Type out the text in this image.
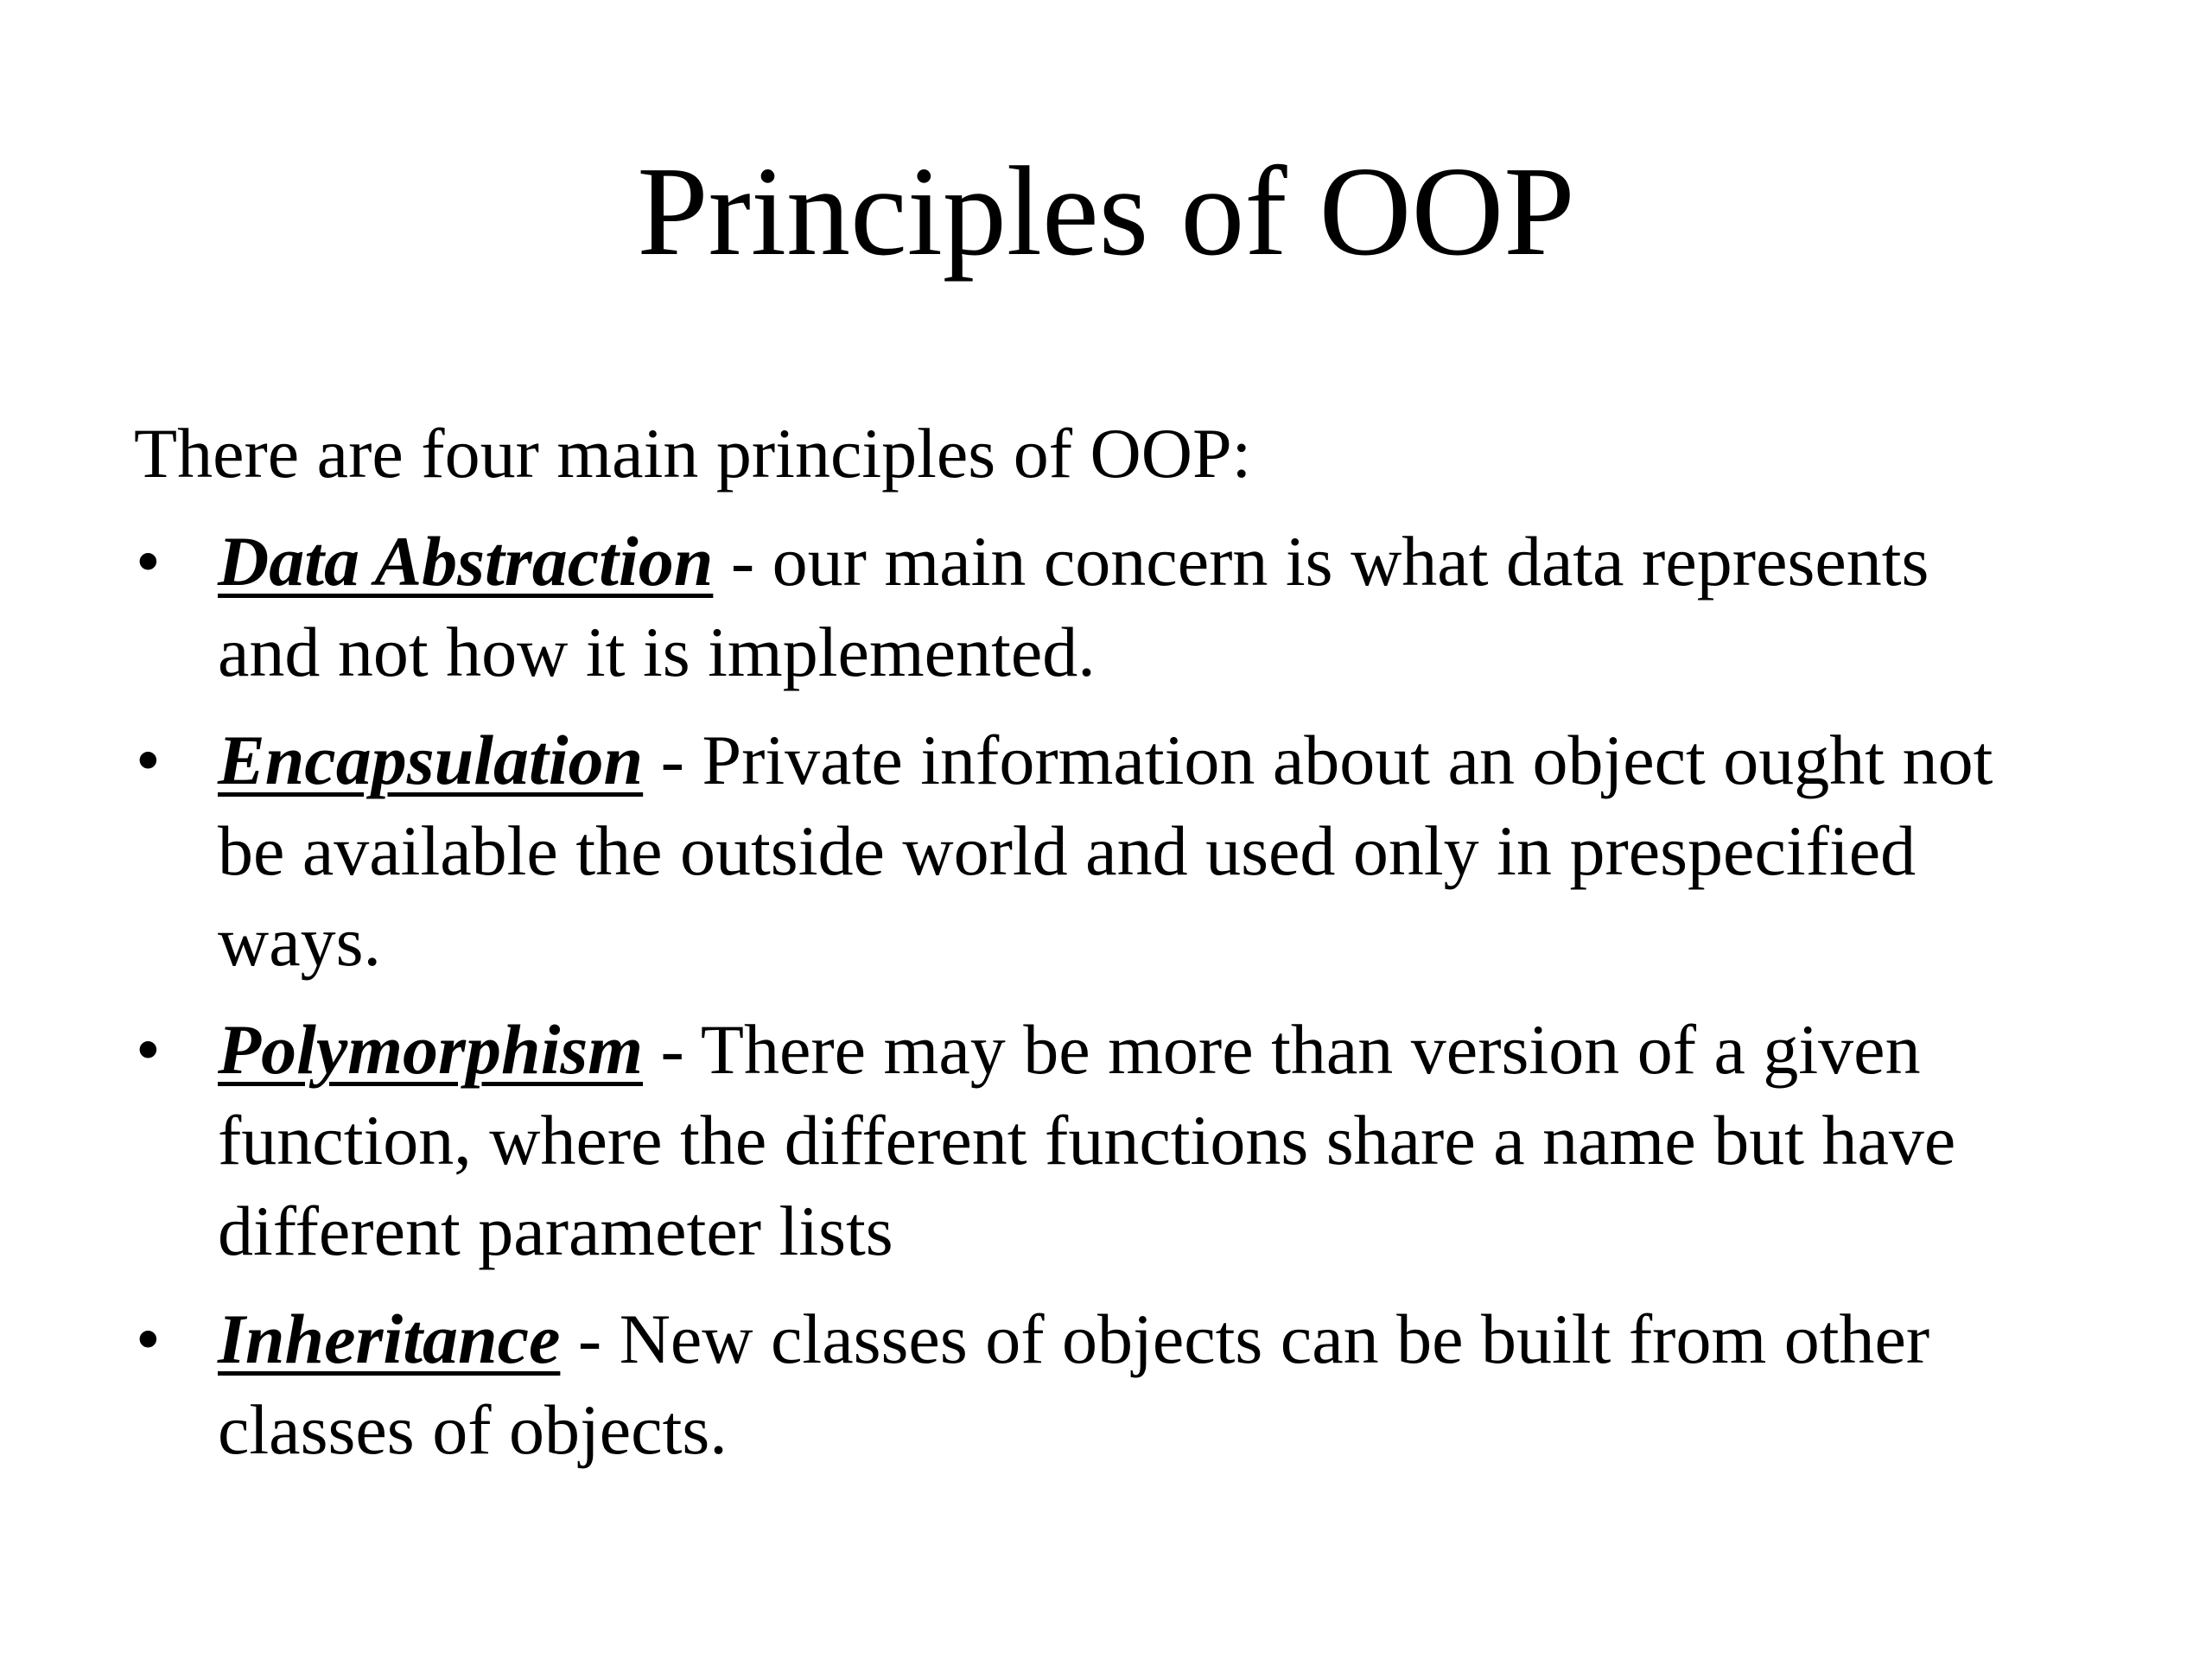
Principles of OOP

There are four main principles of OOP:

• Data Abstraction - our main concern is what data represents
and not how it is implemented.
• Encapsulation - Private information about an object ought not
be available the outside world and used only in prespecified
ways.
• Polymorphism - There may be more than version of a given
function, where the different functions share a name but have
different parameter lists
• Inheritance - New classes of objects can be built from other
classes of objects.
